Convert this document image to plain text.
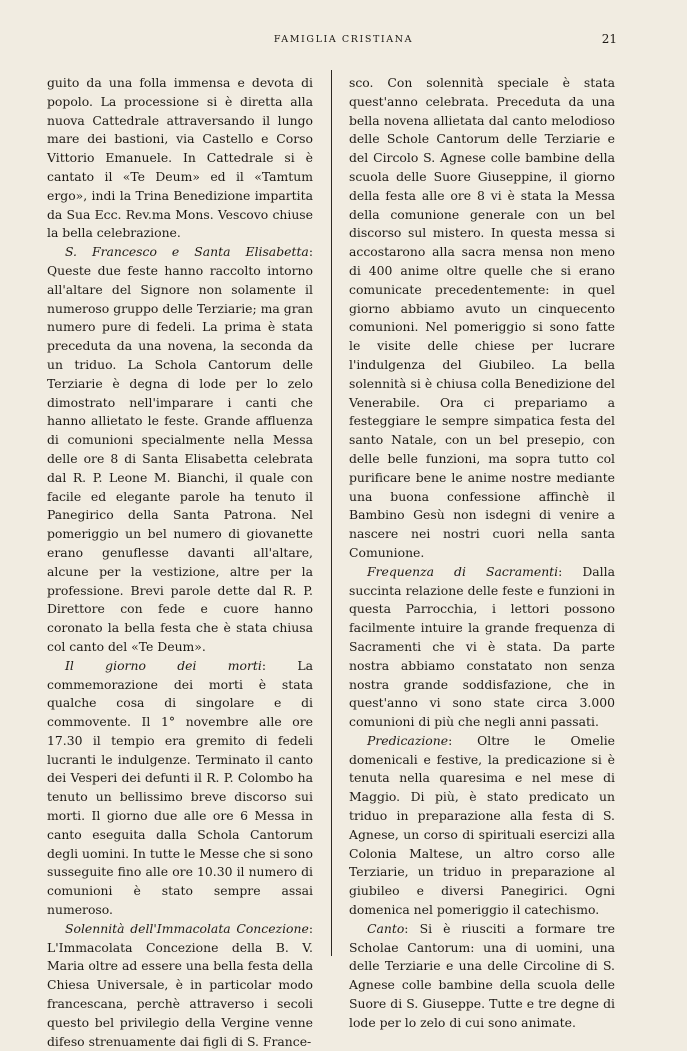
FAMIGLIA CRISTIANA	21

guito da una folla immensa e devota di popolo. La processione si è diretta alla nuova Cattedrale attraversando il lungo mare dei bastioni, via Castello e Corso Vittorio Emanuele. In Cattedrale si è cantato il «Te Deum» ed il «Tamtum ergo», indi la Trina Benedizione impartita da Sua Ecc. Rev.ma Mons. Vescovo chiuse la bella celebrazione.

S. Francesco e Santa Elisabetta: Queste due feste hanno raccolto intorno all'altare del Signore non solamente il numeroso gruppo delle Terziarie; ma gran numero pure di fedeli. La prima è stata preceduta da una novena, la seconda da un triduo. La Schola Cantorum delle Terziarie è degna di lode per lo zelo dimostrato nell'imparare i canti che hanno allietato le feste. Grande affluenza di comunioni specialmente nella Messa delle ore 8 di Santa Elisabetta celebrata dal R. P. Leone M. Bianchi, il quale con facile ed elegante parole ha tenuto il Panegirico della Santa Patrona. Nel pomeriggio un bel numero di giovanette erano genuflesse davanti all'altare, alcune per la vestizione, altre per la professione. Brevi parole dette dal R. P. Direttore con fede e cuore hanno coronato la bella festa che è stata chiusa col canto del «Te Deum».

Il giorno dei morti: La commemorazione dei morti è stata qualche cosa di singolare e di commovente. Il 1° novembre alle ore 17.30 il tempio era gremito di fedeli lucranti le indulgenze. Terminato il canto dei Vesperi dei defunti il R. P. Colombo ha tenuto un bellissimo breve discorso sui morti. Il giorno due alle ore 6 Messa in canto eseguita dalla Schola Cantorum degli uomini. In tutte le Messe che si sono susseguite fino alle ore 10.30 il numero di comunioni è stato sempre assai numeroso.

Solennità dell'Immacolata Concezione: L'Immacolata Concezione della B. V. Maria oltre ad essere una bella festa della Chiesa Universale, è in particolar modo francescana, perchè attraverso i secoli questo bel privilegio della Vergine venne difeso strenuamente dai figli di S. France-

sco. Con solennità speciale è stata quest'anno celebrata. Preceduta da una bella novena allietata dal canto melodioso delle Schole Cantorum delle Terziarie e del Circolo S. Agnese colle bambine della scuola delle Suore Giuseppine, il giorno della festa alle ore 8 vi è stata la Messa della comunione generale con un bel discorso sul mistero. In questa messa si accostarono alla sacra mensa non meno di 400 anime oltre quelle che si erano comunicate precedentemente: in quel giorno abbiamo avuto un cinquecento comunioni. Nel pomeriggio si sono fatte le visite delle chiese per lucrare l'indulgenza del Giubileo. La bella solennità si è chiusa colla Benedizione del Venerabile. Ora ci prepariamo a festeggiare le sempre simpatica festa del santo Natale, con un bel presepio, con delle belle funzioni, ma sopra tutto col purificare bene le anime nostre mediante una buona confessione affinchè il Bambino Gesù non isdegni di venire a nascere nei nostri cuori nella santa Comunione.

Frequenza di Sacramenti: Dalla succinta relazione delle feste e funzioni in questa Parrocchia, i lettori possono facilmente intuire la grande frequenza di Sacramenti che vi è stata. Da parte nostra abbiamo constatato non senza nostra grande soddisfazione, che in quest'anno vi sono state circa 3.000 comunioni di più che negli anni passati.

Predicazione: Oltre le Omelie domenicali e festive, la predicazione si è tenuta nella quaresima e nel mese di Maggio. Di più, è stato predicato un triduo in preparazione alla festa di S. Agnese, un corso di spirituali esercizi alla Colonia Maltese, un altro corso alle Terziarie, un triduo in preparazione al giubileo e diversi Panegirici. Ogni domenica nel pomeriggio il catechismo.

Canto: Si è riusciti a formare tre Scholae Cantorum: una di uomini, una delle Terziarie e una delle Circoline di S. Agnese colle bambine della scuola delle Suore di S. Giuseppe. Tutte e tre degne di lode per lo zelo di cui sono animate.
